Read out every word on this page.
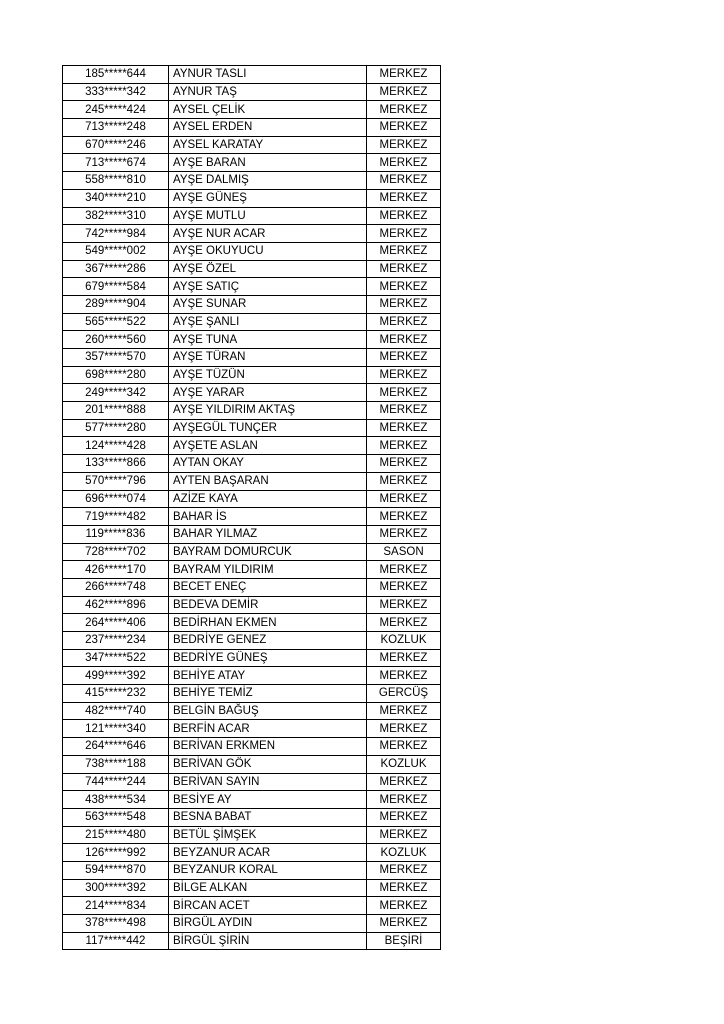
185*****644	AYNUR TASLI	MERKEZ
333*****342	AYNUR TAŞ	MERKEZ
245*****424	AYSEL ÇELİK	MERKEZ
713*****248	AYSEL ERDEN	MERKEZ
670*****246	AYSEL KARATAY	MERKEZ
713*****674	AYŞE BARAN	MERKEZ
558*****810	AYŞE DALMIŞ	MERKEZ
340*****210	AYŞE GÜNEŞ	MERKEZ
382*****310	AYŞE MUTLU	MERKEZ
742*****984	AYŞE NUR ACAR	MERKEZ
549*****002	AYŞE OKUYUCU	MERKEZ
367*****286	AYŞE ÖZEL	MERKEZ
679*****584	AYŞE SATIÇ	MERKEZ
289*****904	AYŞE SUNAR	MERKEZ
565*****522	AYŞE ŞANLI	MERKEZ
260*****560	AYŞE TUNA	MERKEZ
357*****570	AYŞE TÜRAN	MERKEZ
698*****280	AYŞE TÜZÜN	MERKEZ
249*****342	AYŞE YARAR	MERKEZ
201*****888	AYŞE YILDIRIM AKTAŞ	MERKEZ
577*****280	AYŞEGÜL TUNÇER	MERKEZ
124*****428	AYŞETE ASLAN	MERKEZ
133*****866	AYTAN OKAY	MERKEZ
570*****796	AYTEN BAŞARAN	MERKEZ
696*****074	AZİZE KAYA	MERKEZ
719*****482	BAHAR İS	MERKEZ
119*****836	BAHAR YILMAZ	MERKEZ
728*****702	BAYRAM DOMURCUK	SASON
426*****170	BAYRAM YILDIRIM	MERKEZ
266*****748	BECET ENEÇ	MERKEZ
462*****896	BEDEVA DEMİR	MERKEZ
264*****406	BEDİRHAN EKMEN	MERKEZ
237*****234	BEDRİYE GENEZ	KOZLUK
347*****522	BEDRİYE GÜNEŞ	MERKEZ
499*****392	BEHİYE ATAY	MERKEZ
415*****232	BEHİYE TEMİZ	GERCÜŞ
482*****740	BELGİN BAĞUŞ	MERKEZ
121*****340	BERFİN ACAR	MERKEZ
264*****646	BERİVAN ERKMEN	MERKEZ
738*****188	BERİVAN GÖK	KOZLUK
744*****244	BERİVAN SAYIN	MERKEZ
438*****534	BESİYE AY	MERKEZ
563*****548	BESNA BABAT	MERKEZ
215*****480	BETÜL ŞİMŞEK	MERKEZ
126*****992	BEYZANUR ACAR	KOZLUK
594*****870	BEYZANUR KORAL	MERKEZ
300*****392	BİLGE ALKAN	MERKEZ
214*****834	BİRCAN ACET	MERKEZ
378*****498	BİRGÜL AYDIN	MERKEZ
117*****442	BİRGÜL ŞİRİN	BEŞİRİ
